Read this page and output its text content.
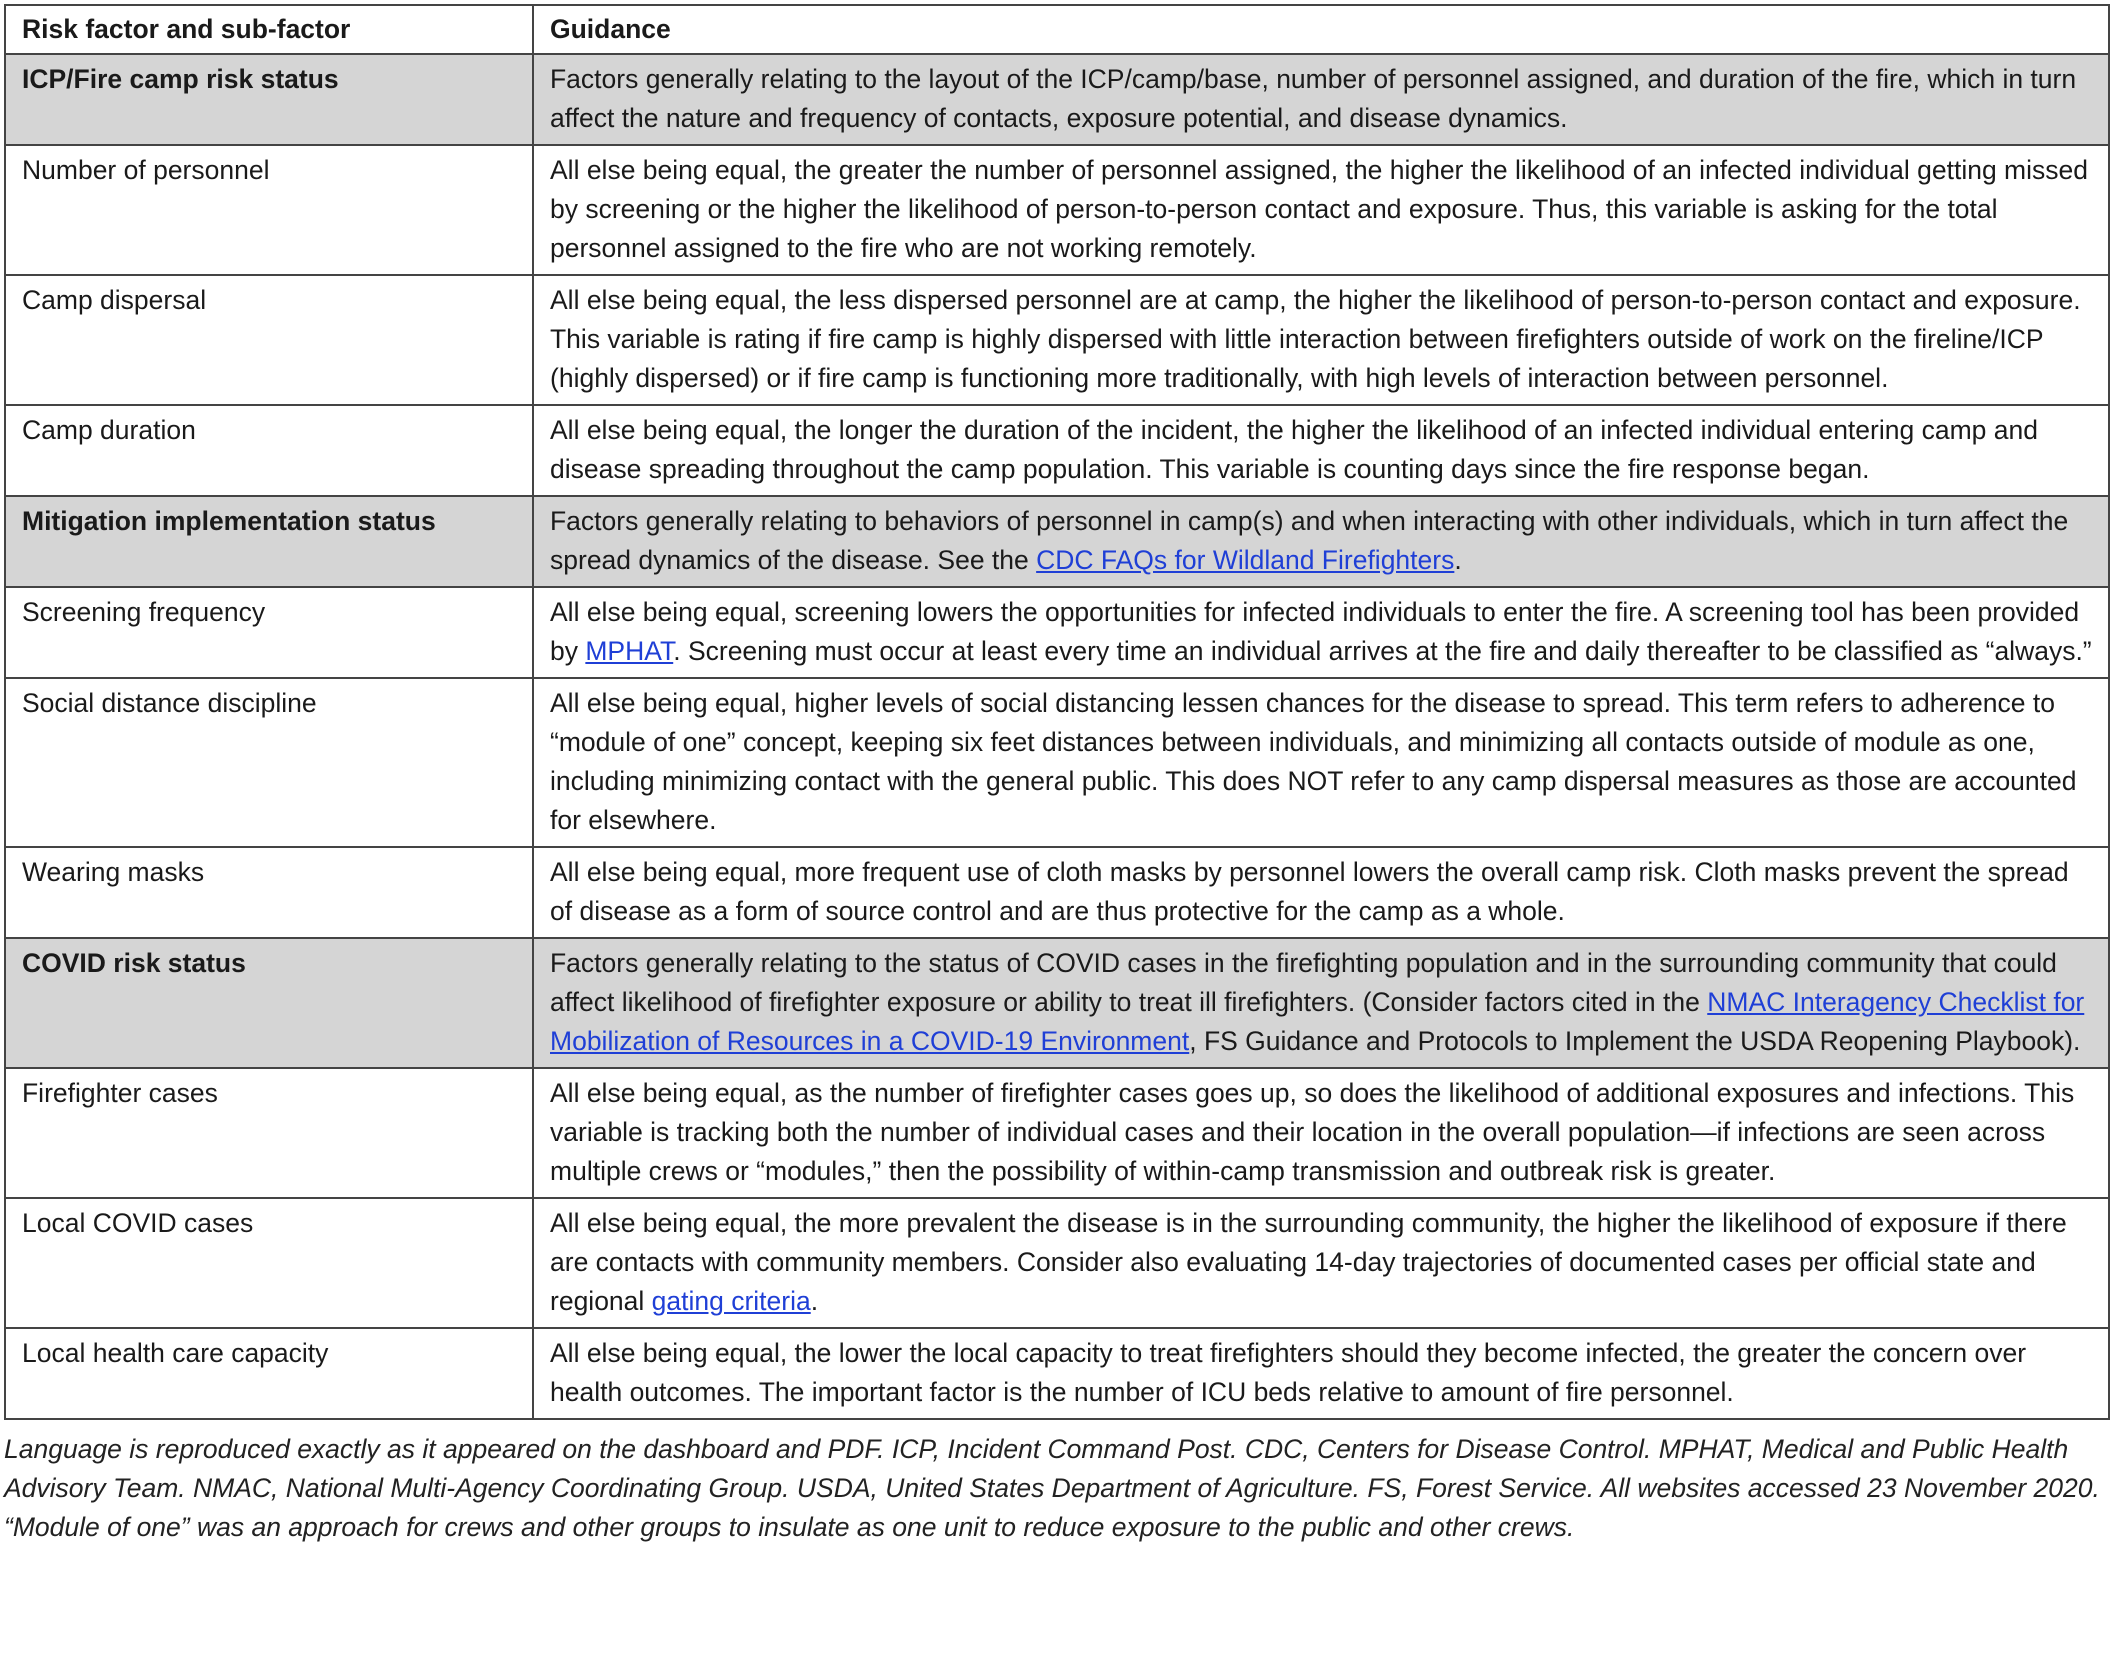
Risk factor and sub-factor	Guidance
ICP/Fire camp risk status	Factors generally relating to the layout of the ICP/camp/base, number of personnel assigned, and duration of the fire, which in turn affect the nature and frequency of contacts, exposure potential, and disease dynamics.
Number of personnel	All else being equal, the greater the number of personnel assigned, the higher the likelihood of an infected individual getting missed by screening or the higher the likelihood of person-to-person contact and exposure. Thus, this variable is asking for the total personnel assigned to the fire who are not working remotely.
Camp dispersal	All else being equal, the less dispersed personnel are at camp, the higher the likelihood of person-to-person contact and exposure. This variable is rating if fire camp is highly dispersed with little interaction between firefighters outside of work on the fireline/ICP (highly dispersed) or if fire camp is functioning more traditionally, with high levels of interaction between personnel.
Camp duration	All else being equal, the longer the duration of the incident, the higher the likelihood of an infected individual entering camp and disease spreading throughout the camp population. This variable is counting days since the fire response began.
Mitigation implementation status	Factors generally relating to behaviors of personnel in camp(s) and when interacting with other individuals, which in turn affect the spread dynamics of the disease. See the CDC FAQs for Wildland Firefighters.
Screening frequency	All else being equal, screening lowers the opportunities for infected individuals to enter the fire. A screening tool has been provided by MPHAT. Screening must occur at least every time an individual arrives at the fire and daily thereafter to be classified as “always.”
Social distance discipline	All else being equal, higher levels of social distancing lessen chances for the disease to spread. This term refers to adherence to “module of one” concept, keeping six feet distances between individuals, and minimizing all contacts outside of module as one, including minimizing contact with the general public. This does NOT refer to any camp dispersal measures as those are accounted for elsewhere.
Wearing masks	All else being equal, more frequent use of cloth masks by personnel lowers the overall camp risk. Cloth masks prevent the spread of disease as a form of source control and are thus protective for the camp as a whole.
COVID risk status	Factors generally relating to the status of COVID cases in the firefighting population and in the surrounding community that could affect likelihood of firefighter exposure or ability to treat ill firefighters. (Consider factors cited in the NMAC Interagency Checklist for Mobilization of Resources in a COVID-19 Environment, FS Guidance and Protocols to Implement the USDA Reopening Playbook).
Firefighter cases	All else being equal, as the number of firefighter cases goes up, so does the likelihood of additional exposures and infections. This variable is tracking both the number of individual cases and their location in the overall population—if infections are seen across multiple crews or “modules,” then the possibility of within-camp transmission and outbreak risk is greater.
Local COVID cases	All else being equal, the more prevalent the disease is in the surrounding community, the higher the likelihood of exposure if there are contacts with community members. Consider also evaluating 14-day trajectories of documented cases per official state and regional gating criteria.
Local health care capacity	All else being equal, the lower the local capacity to treat firefighters should they become infected, the greater the concern over health outcomes. The important factor is the number of ICU beds relative to amount of fire personnel.
Language is reproduced exactly as it appeared on the dashboard and PDF. ICP, Incident Command Post. CDC, Centers for Disease Control. MPHAT, Medical and Public Health Advisory Team. NMAC, National Multi-Agency Coordinating Group. USDA, United States Department of Agriculture. FS, Forest Service. All websites accessed 23 November 2020. “Module of one” was an approach for crews and other groups to insulate as one unit to reduce exposure to the public and other crews.
